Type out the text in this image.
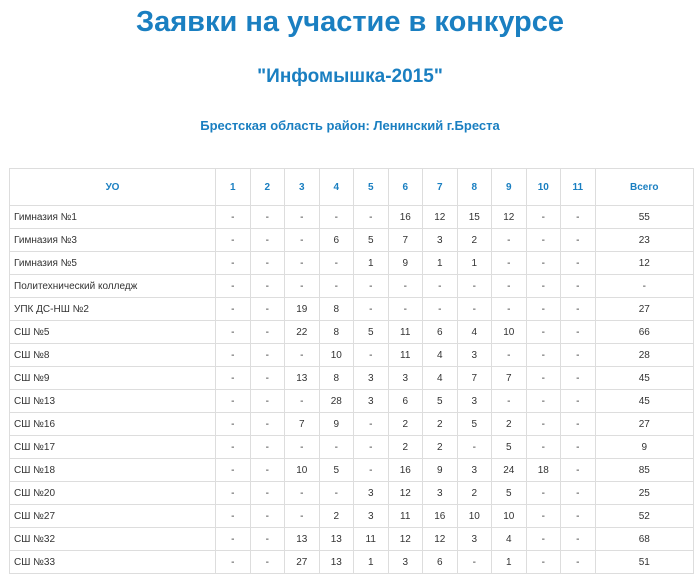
Заявки на участие в конкурсе
"Инфомышка-2015"
Брестская область район: Ленинский г.Бреста
УО	1	2	3	4	5	6	7	8	9	10	11	Всего
Гимназия №1	-	-	-	-	-	16	12	15	12	-	-	55
Гимназия №3	-	-	-	6	5	7	3	2	-	-	-	23
Гимназия №5	-	-	-	-	1	9	1	1	-	-	-	12
Политехнический колледж	-	-	-	-	-	-	-	-	-	-	-	-
УПК ДС-НШ №2	-	-	19	8	-	-	-	-	-	-	-	27
СШ №5	-	-	22	8	5	11	6	4	10	-	-	66
СШ №8	-	-	-	10	-	11	4	3	-	-	-	28
СШ №9	-	-	13	8	3	3	4	7	7	-	-	45
СШ №13	-	-	-	28	3	6	5	3	-	-	-	45
СШ №16	-	-	7	9	-	2	2	5	2	-	-	27
СШ №17	-	-	-	-	-	2	2	-	5	-	-	9
СШ №18	-	-	10	5	-	16	9	3	24	18	-	85
СШ №20	-	-	-	-	3	12	3	2	5	-	-	25
СШ №27	-	-	-	2	3	11	16	10	10	-	-	52
СШ №32	-	-	13	13	11	12	12	3	4	-	-	68
СШ №33	-	-	27	13	1	3	6	-	1	-	-	51
